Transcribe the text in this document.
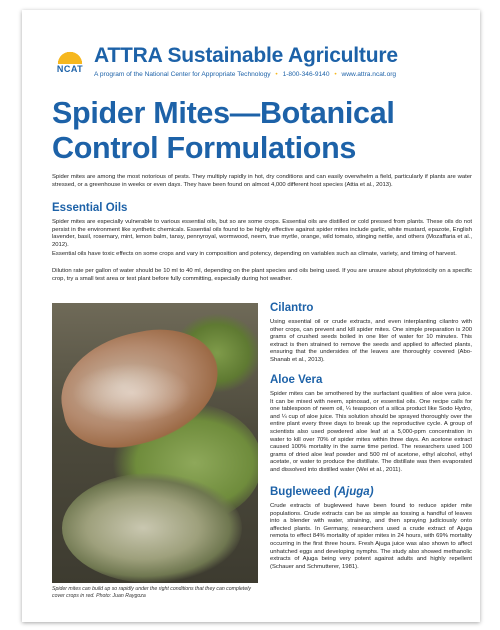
NCAT
ATTRA Sustainable Agriculture
A program of the National Center for Appropriate Technology • 1-800-346-9140 • www.attra.ncat.org
Spider Mites—Botanical
Control Formulations
Spider mites are among the most notorious of pests. They multiply rapidly in hot, dry conditions and can easily overwhelm a field, particularly if plants are water stressed, or a greenhouse in weeks or even days. They have been found on almost 4,000 different host species (Attia et al., 2013).
Essential Oils
Spider mites are especially vulnerable to various essential oils, but so are some crops. Essential oils are distilled or cold pressed from plants. These oils do not persist in the environment like synthetic chemicals. Essential oils found to be highly effective against spider mites include garlic, white mustard, epazote, English lavender, basil, rosemary, mint, lemon balm, tansy, pennyroyal, wormwood, neem, true myrtle, orange, wild tomato, stinging nettle, and others (Mozaffaria et al., 2012).
Essential oils have toxic effects on some crops and vary in composition and potency, depending on variables such as climate, variety, and timing of harvest.
Dilution rate per gallon of water should be 10 ml to 40 ml, depending on the plant species and oils being used. If you are unsure about phytotoxicity on a specific crop, try a small test area or test plant before fully committing, especially during hot weather.
Spider mites can build up so rapidly under the right conditions that they can completely cover crops in red. Photo: Juan Raygoza
Cilantro
Using essential oil or crude extracts, and even interplanting cilantro with other crops, can prevent and kill spider mites. One simple preparation is 200 grams of crushed seeds boiled in one liter of water for 10 minutes. This extract is then strained to remove the seeds and applied to affected plants, ensuring that the undersides of the leaves are thoroughly covered (Abo-Shanab et al., 2013).
Aloe Vera
Spider mites can be smothered by the surfactant qualities of aloe vera juice. It can be mixed with neem, spinosad, or essential oils. One recipe calls for one tablespoon of neem oil, ¼ teaspoon of a silica product like Sodo Hydro, and ¼ cup of aloe juice. This solution should be sprayed thoroughly over the entire plant every three days to break up the reproductive cycle. A group of scientists also used powdered aloe leaf at a 5,000-ppm concentration in water to kill over 70% of spider mites within three days. An acetone extract caused 100% mortality in the same time period. The researchers used 100 grams of dried aloe leaf powder and 500 ml of acetone, ethyl alcohol, ethyl acetate, or water to produce the distillate. The distillate was then evaporated and dissolved into distilled water (Wei et al., 2011).
Bugleweed (Ajuga)
Crude extracts of bugleweed have been found to reduce spider mite populations. Crude extracts can be as simple as tossing a handful of leaves into a blender with water, straining, and then spraying judiciously onto affected plants. In Germany, researchers used a crude extract of Ajuga remota to effect 84% mortality of spider mites in 24 hours, with 69% mortality occurring in the first three hours. Fresh Ajuga juice was also shown to affect unhatched eggs and developing nymphs. The study also showed methanolic extracts of Ajuga being very potent against adults and highly repellent (Schauer and Schmutterer, 1981).
